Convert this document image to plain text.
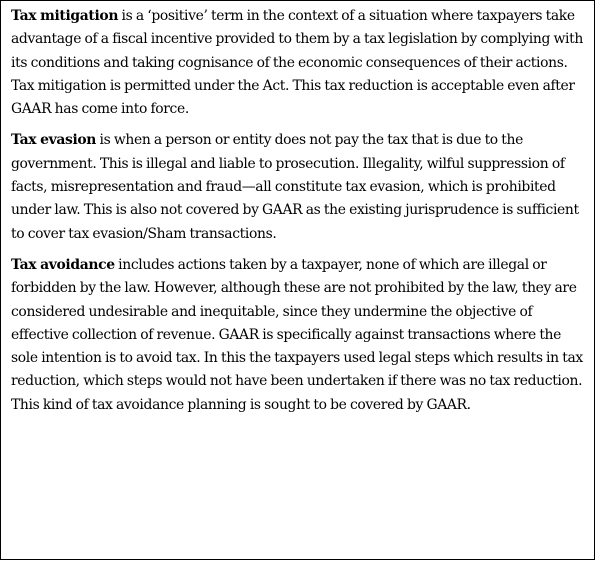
Tax mitigation is a ‘positive’ term in the context of a situation where taxpayers take advantage of a fiscal incentive provided to them by a tax legislation by complying with its conditions and taking cognisance of the economic consequences of their actions. Tax mitigation is permitted under the Act. This tax reduction is acceptable even after GAAR has come into force.

Tax evasion is when a person or entity does not pay the tax that is due to the government. This is illegal and liable to prosecution. Illegality, wilful suppression of facts, misrepresentation and fraud—all constitute tax evasion, which is prohibited under law. This is also not covered by GAAR as the existing jurisprudence is sufficient to cover tax evasion/Sham transactions.

Tax avoidance includes actions taken by a taxpayer, none of which are illegal or forbidden by the law. However, although these are not prohibited by the law, they are considered undesirable and inequitable, since they undermine the objective of effective collection of revenue. GAAR is specifically against transactions where the sole intention is to avoid tax. In this the taxpayers used legal steps which results in tax reduction, which steps would not have been undertaken if there was no tax reduction. This kind of tax avoidance planning is sought to be covered by GAAR.
